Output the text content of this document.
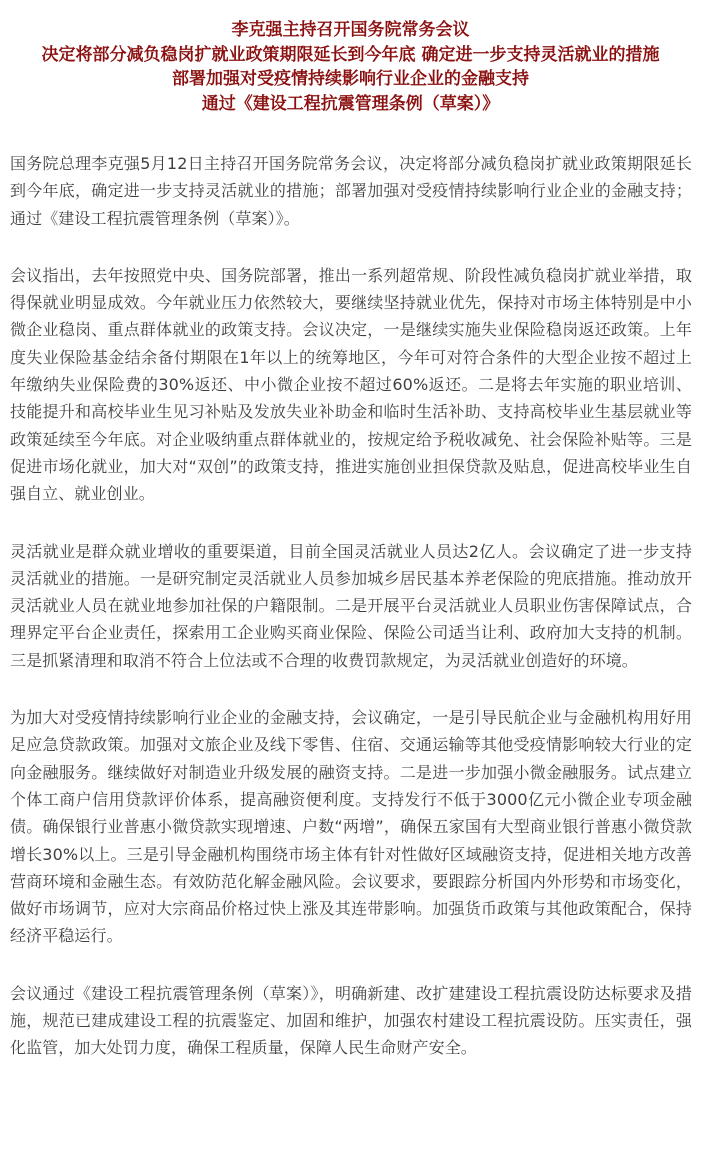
李克强主持召开国务院常务会议
决定将部分减负稳岗扩就业政策期限延长到今年底 确定进一步支持灵活就业的措施
部署加强对受疫情持续影响行业企业的金融支持
通过《建设工程抗震管理条例（草案）》

国务院总理李克强5月12日主持召开国务院常务会议，决定将部分减负稳岗扩就业政策期限延长到今年底，确定进一步支持灵活就业的措施；部署加强对受疫情持续影响行业企业的金融支持；通过《建设工程抗震管理条例（草案）》。

会议指出，去年按照党中央、国务院部署，推出一系列超常规、阶段性减负稳岗扩就业举措，取得保就业明显成效。今年就业压力依然较大，要继续坚持就业优先，保持对市场主体特别是中小微企业稳岗、重点群体就业的政策支持。会议决定，一是继续实施失业保险稳岗返还政策。上年度失业保险基金结余备付期限在1年以上的统筹地区，今年可对符合条件的大型企业按不超过上年缴纳失业保险费的30%返还、中小微企业按不超过60%返还。二是将去年实施的职业培训、技能提升和高校毕业生见习补贴及发放失业补助金和临时生活补助、支持高校毕业生基层就业等政策延续至今年底。对企业吸纳重点群体就业的，按规定给予税收减免、社会保险补贴等。三是促进市场化就业，加大对“双创”的政策支持，推进实施创业担保贷款及贴息，促进高校毕业生自强自立、就业创业。

灵活就业是群众就业增收的重要渠道，目前全国灵活就业人员达2亿人。会议确定了进一步支持灵活就业的措施。一是研究制定灵活就业人员参加城乡居民基本养老保险的兜底措施。推动放开灵活就业人员在就业地参加社保的户籍限制。二是开展平台灵活就业人员职业伤害保障试点，合理界定平台企业责任，探索用工企业购买商业保险、保险公司适当让利、政府加大支持的机制。三是抓紧清理和取消不符合上位法或不合理的收费罚款规定，为灵活就业创造好的环境。

为加大对受疫情持续影响行业企业的金融支持，会议确定，一是引导民航企业与金融机构用好用足应急贷款政策。加强对文旅企业及线下零售、住宿、交通运输等其他受疫情影响较大行业的定向金融服务。继续做好对制造业升级发展的融资支持。二是进一步加强小微金融服务。试点建立个体工商户信用贷款评价体系，提高融资便利度。支持发行不低于3000亿元小微企业专项金融债。确保银行业普惠小微贷款实现增速、户数“两增”，确保五家国有大型商业银行普惠小微贷款增长30%以上。三是引导金融机构围绕市场主体有针对性做好区域融资支持，促进相关地方改善营商环境和金融生态。有效防范化解金融风险。会议要求，要跟踪分析国内外形势和市场变化，做好市场调节，应对大宗商品价格过快上涨及其连带影响。加强货币政策与其他政策配合，保持经济平稳运行。

会议通过《建设工程抗震管理条例（草案）》，明确新建、改扩建建设工程抗震设防达标要求及措施，规范已建成建设工程的抗震鉴定、加固和维护，加强农村建设工程抗震设防。压实责任，强化监管，加大处罚力度，确保工程质量，保障人民生命财产安全。
